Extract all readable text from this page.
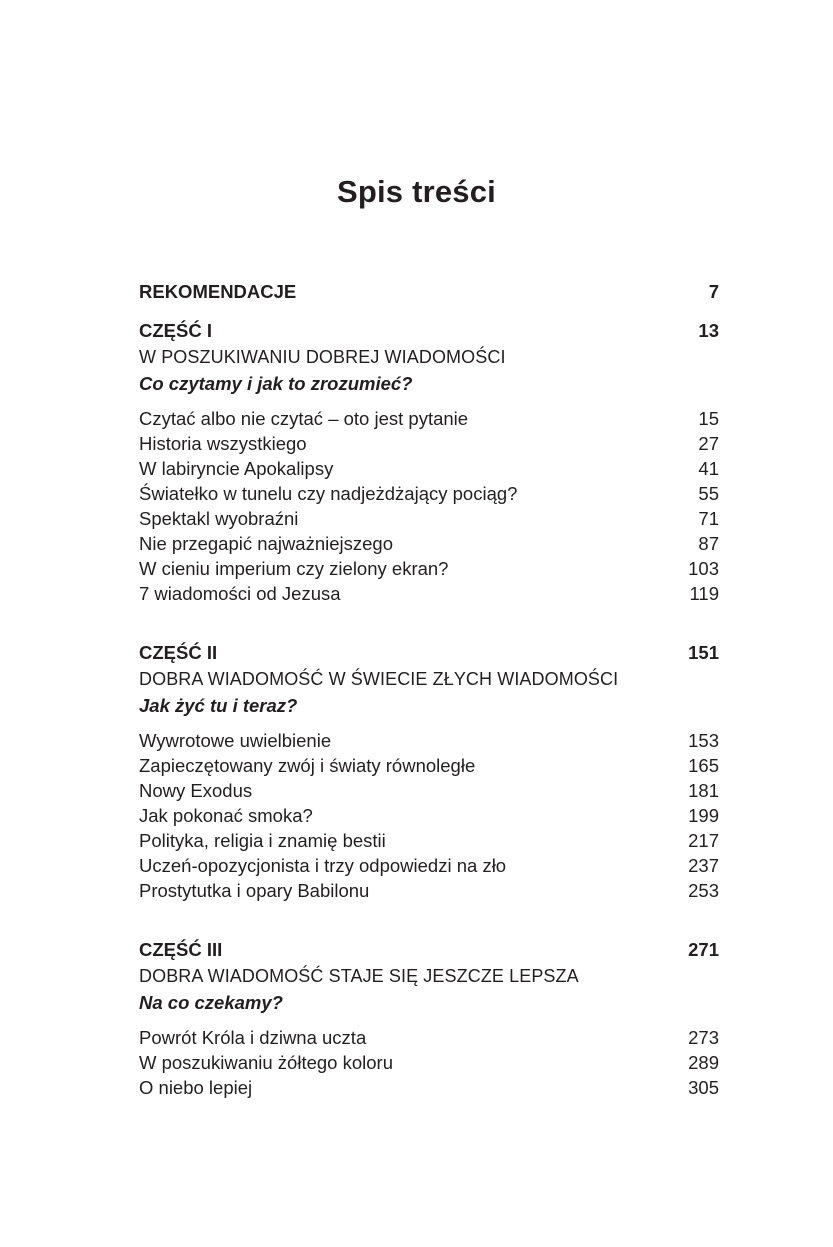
Spis treści
REKOMENDACJE	7
CZĘŚĆ I	13
W POSZUKIWANIU DOBREJ WIADOMOŚCI
Co czytamy i jak to zrozumieć?
Czytać albo nie czytać – oto jest pytanie	15
Historia wszystkiego	27
W labiryncie Apokalipsy	41
Światełko w tunelu czy nadjeżdżający pociąg?	55
Spektakl wyobraźni	71
Nie przegapić najważniejszego	87
W cieniu imperium czy zielony ekran?	103
7 wiadomości od Jezusa	119
CZĘŚĆ II	151
DOBRA WIADOMOŚĆ W ŚWIECIE ZŁYCH WIADOMOŚCI
Jak żyć tu i teraz?
Wywrotowe uwielbienie	153
Zapieczętowany zwój i światy równoległe	165
Nowy Exodus	181
Jak pokonać smoka?	199
Polityka, religia i znamię bestii	217
Uczeń-opozycjonista i trzy odpowiedzi na zło	237
Prostytutka i opary Babilonu	253
CZĘŚĆ III	271
DOBRA WIADOMOŚĆ STAJE SIĘ JESZCZE LEPSZA
Na co czekamy?
Powrót Króla i dziwna uczta	273
W poszukiwaniu żółtego koloru	289
O niebo lepiej	305
